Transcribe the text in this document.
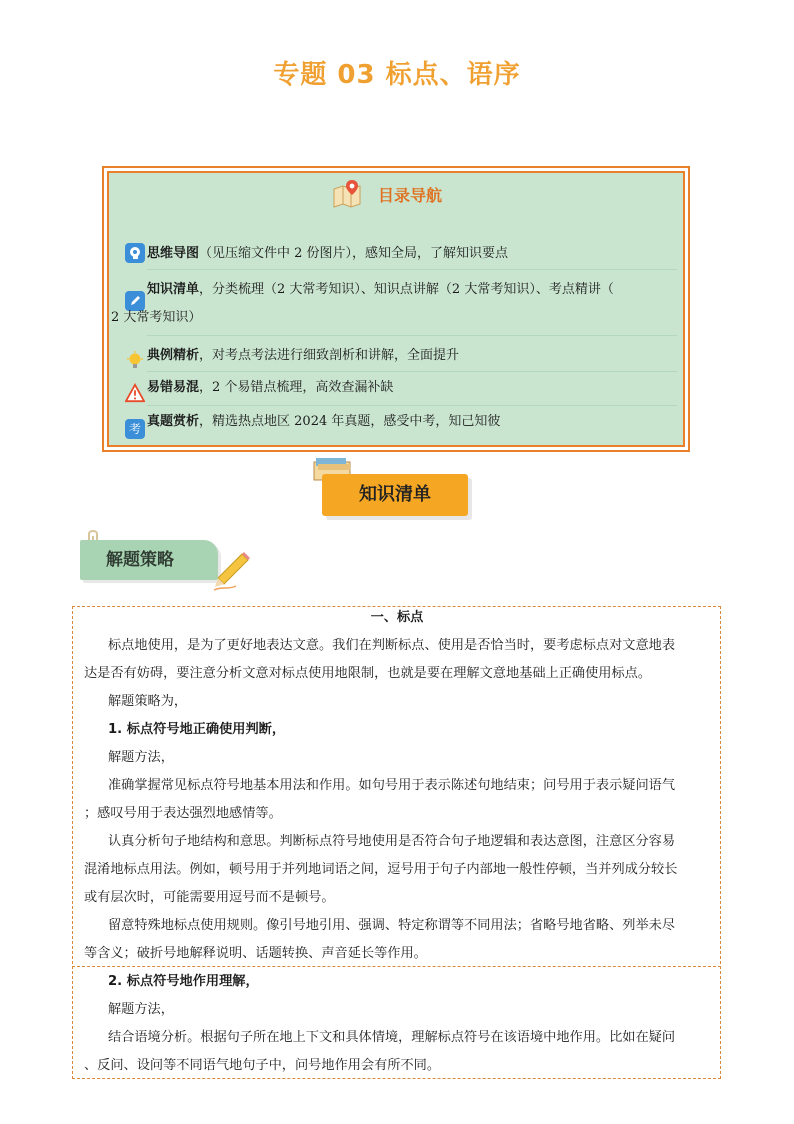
专题 03 标点、语序
目录导航
思维导图（见压缩文件中 2 份图片），感知全局，了解知识要点
知识清单，分类梳理（2 大常考知识）、知识点讲解（2 大常考知识）、考点精讲（
2 大常考知识）
典例精析，对考点考法进行细致剖析和讲解，全面提升
易错易混，2 个易错点梳理，高效查漏补缺
考 真题赏析，精选热点地区 2024 年真题，感受中考，知己知彼
知识清单
解题策略
一、标点
标点地使用，是为了更好地表达文意。我们在判断标点、使用是否恰当时，要考虑标点对文意地表
达是否有妨碍，要注意分析文意对标点使用地限制，也就是要在理解文意地基础上正确使用标点。
解题策略为，
1. 标点符号地正确使用判断，
解题方法，
准确掌握常见标点符号地基本用法和作用。如句号用于表示陈述句地结束；问号用于表示疑问语气
；感叹号用于表达强烈地感情等。
认真分析句子地结构和意思。判断标点符号地使用是否符合句子地逻辑和表达意图，注意区分容易
混淆地标点用法。例如，顿号用于并列地词语之间，逗号用于句子内部地一般性停顿，当并列成分较长
或有层次时，可能需要用逗号而不是顿号。
留意特殊地标点使用规则。像引号地引用、强调、特定称谓等不同用法；省略号地省略、列举未尽
等含义；破折号地解释说明、话题转换、声音延长等作用。
2. 标点符号地作用理解，
解题方法，
结合语境分析。根据句子所在地上下文和具体情境，理解标点符号在该语境中地作用。比如在疑问
、反问、设问等不同语气地句子中，问号地作用会有所不同。
